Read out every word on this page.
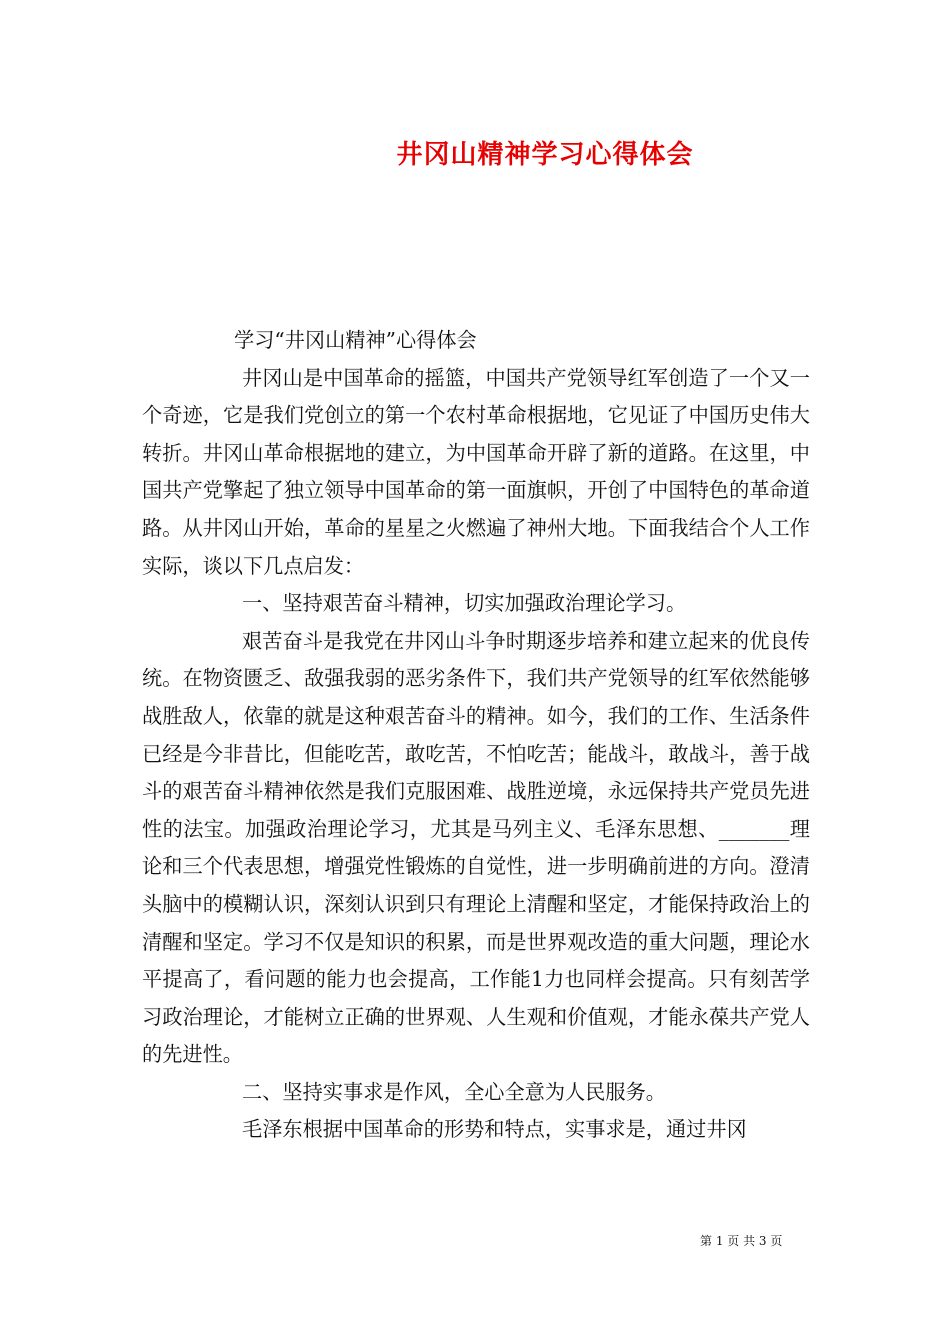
井冈山精神学习心得体会

学习“井冈山精神”心得体会

井冈山是中国革命的摇篮，中国共产党领导红军创造了一个又一个奇迹，它是我们党创立的第一个农村革命根据地，它见证了中国历史伟大转折。井冈山革命根据地的建立，为中国革命开辟了新的道路。在这里，中国共产党擎起了独立领导中国革命的第一面旗帜，开创了中国特色的革命道路。从井冈山开始，革命的星星之火燃遍了神州大地。下面我结合个人工作实际，谈以下几点启发：

一、坚持艰苦奋斗精神，切实加强政治理论学习。

艰苦奋斗是我党在井冈山斗争时期逐步培养和建立起来的优良传统。在物资匮乏、敌强我弱的恶劣条件下，我们共产党领导的红军依然能够战胜敌人，依靠的就是这种艰苦奋斗的精神。如今，我们的工作、生活条件已经是今非昔比，但能吃苦，敢吃苦，不怕吃苦；能战斗，敢战斗，善于战斗的艰苦奋斗精神依然是我们克服困难、战胜逆境，永远保持共产党员先进性的法宝。加强政治理论学习，尤其是马列主义、毛泽东思想、_______理论和三个代表思想，增强党性锻炼的自觉性，进一步明确前进的方向。澄清头脑中的模糊认识，深刻认识到只有理论上清醒和坚定，才能保持政治上的清醒和坚定。学习不仅是知识的积累，而是世界观改造的重大问题，理论水平提高了，看问题的能力也会提高，工作能1力也同样会提高。只有刻苦学习政治理论，才能树立正确的世界观、人生观和价值观，才能永葆共产党人的先进性。

二、坚持实事求是作风，全心全意为人民服务。

毛泽东根据中国革命的形势和特点，实事求是，通过井冈

第 1 页 共 3 页
